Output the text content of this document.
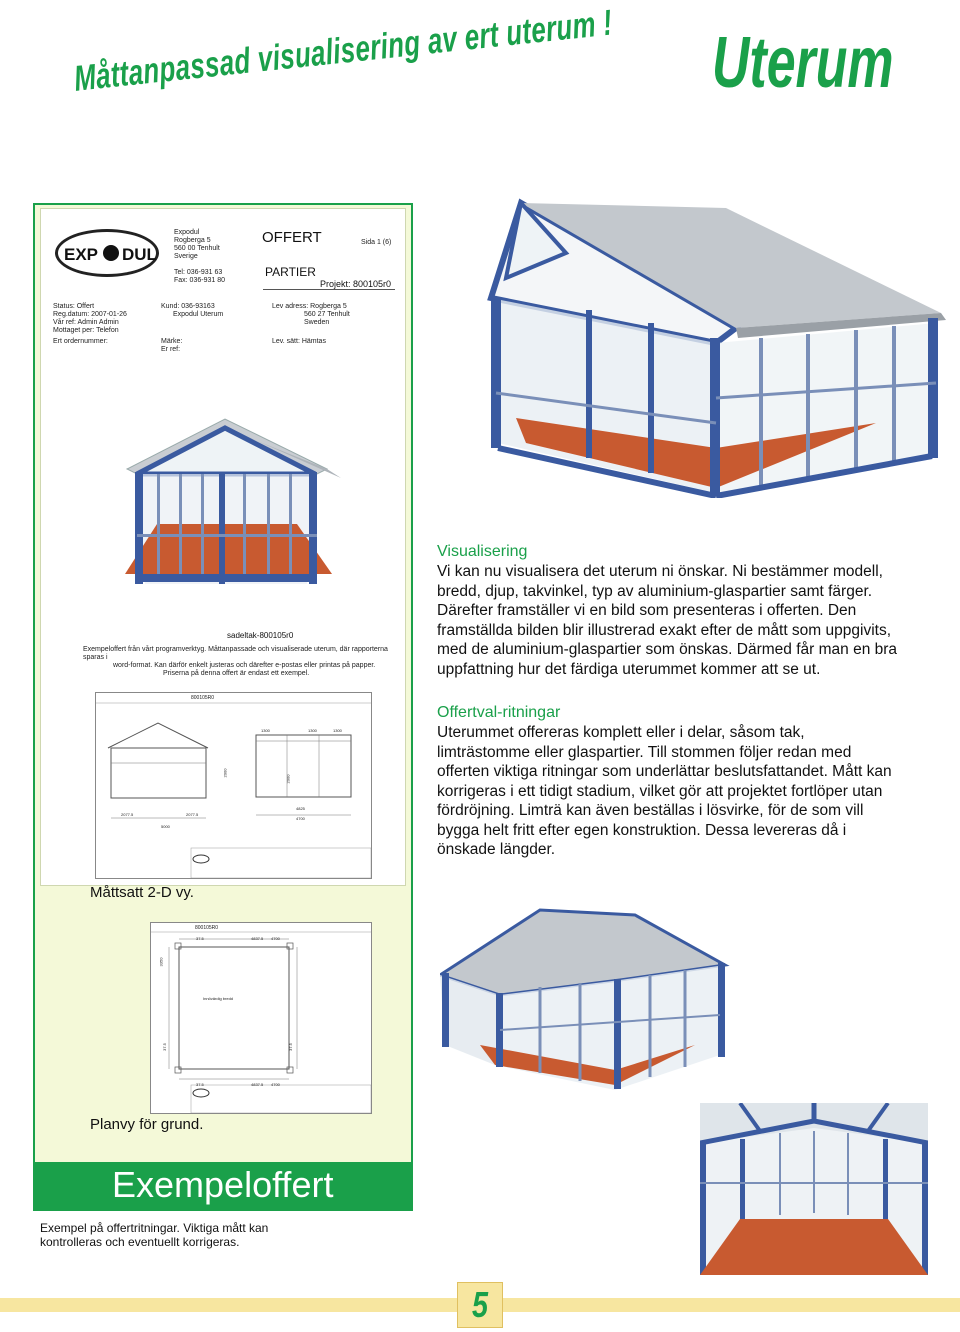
Måttanpassad visualisering av ert uterum ! Uterum
EXP DUL
Expodul
Rogberga 5
560 00 Tenhult
Sverige
Tel: 036-931 63
Fax: 036-931 80
OFFERT	Sida 1 (6)
PARTIER
Projekt: 800105r0
Status: Offert
Reg.datum: 2007-01-26
Vår ref: Admin Admin
Mottaget per: Telefon
Kund: 036-93163
Expodul Uterum
Lev adress: Rogberga 5
560 27 Tenhult
Sweden
Ert ordernummer:	Märke:
Er ref:
Lev. sätt: Hämtas
sadeltak-800105r0
Exempeloffert från vårt programverktyg. Måttanpassade och visualiserade uterum, där rapporterna sparas i
word-format. Kan därför enkelt justeras och därefter e-postas eller printas på papper.
Priserna på denna offert är endast ett exempel.
800105R0
1300	1300	1300
2000
2000
2077.5	2077.5
4825
4700
5000
Måttsatt 2-D vy.
800105R0
37.5	4837.5 4700
3350
4837.5 4700
37.5
37.5	37.5
Innövärdig bredd
Planvy för grund.
Exempeloffert
Exempel på offertritningar. Viktiga mått kan
kontrolleras och eventuellt korrigeras.
Visualisering
Vi kan nu visualisera det uterum ni önskar. Ni bestämmer modell,
bredd, djup, takvinkel, typ av aluminium-glaspartier samt färger.
Därefter framställer vi en bild som presenteras i offerten. Den
framställda bilden blir illustrerad exakt efter de mått som uppgivits,
med de aluminium-glaspartier som önskas. Därmed får man en bra
uppfattning hur det färdiga uterummet kommer att se ut.
Offertval-ritningar
Uterummet offereras komplett eller i delar, såsom tak,
limträstomme eller glaspartier. Till stommen följer redan med
offerten viktiga ritningar som underlättar beslutsfattandet. Mått kan
korrigeras i ett tidigt stadium, vilket gör att projektet fortlöper utan
fördröjning. Limträ kan även beställas i lösvirke, för de som vill
bygga helt fritt efter egen konstruktion. Dessa levereras då i
önskade längder.
5
